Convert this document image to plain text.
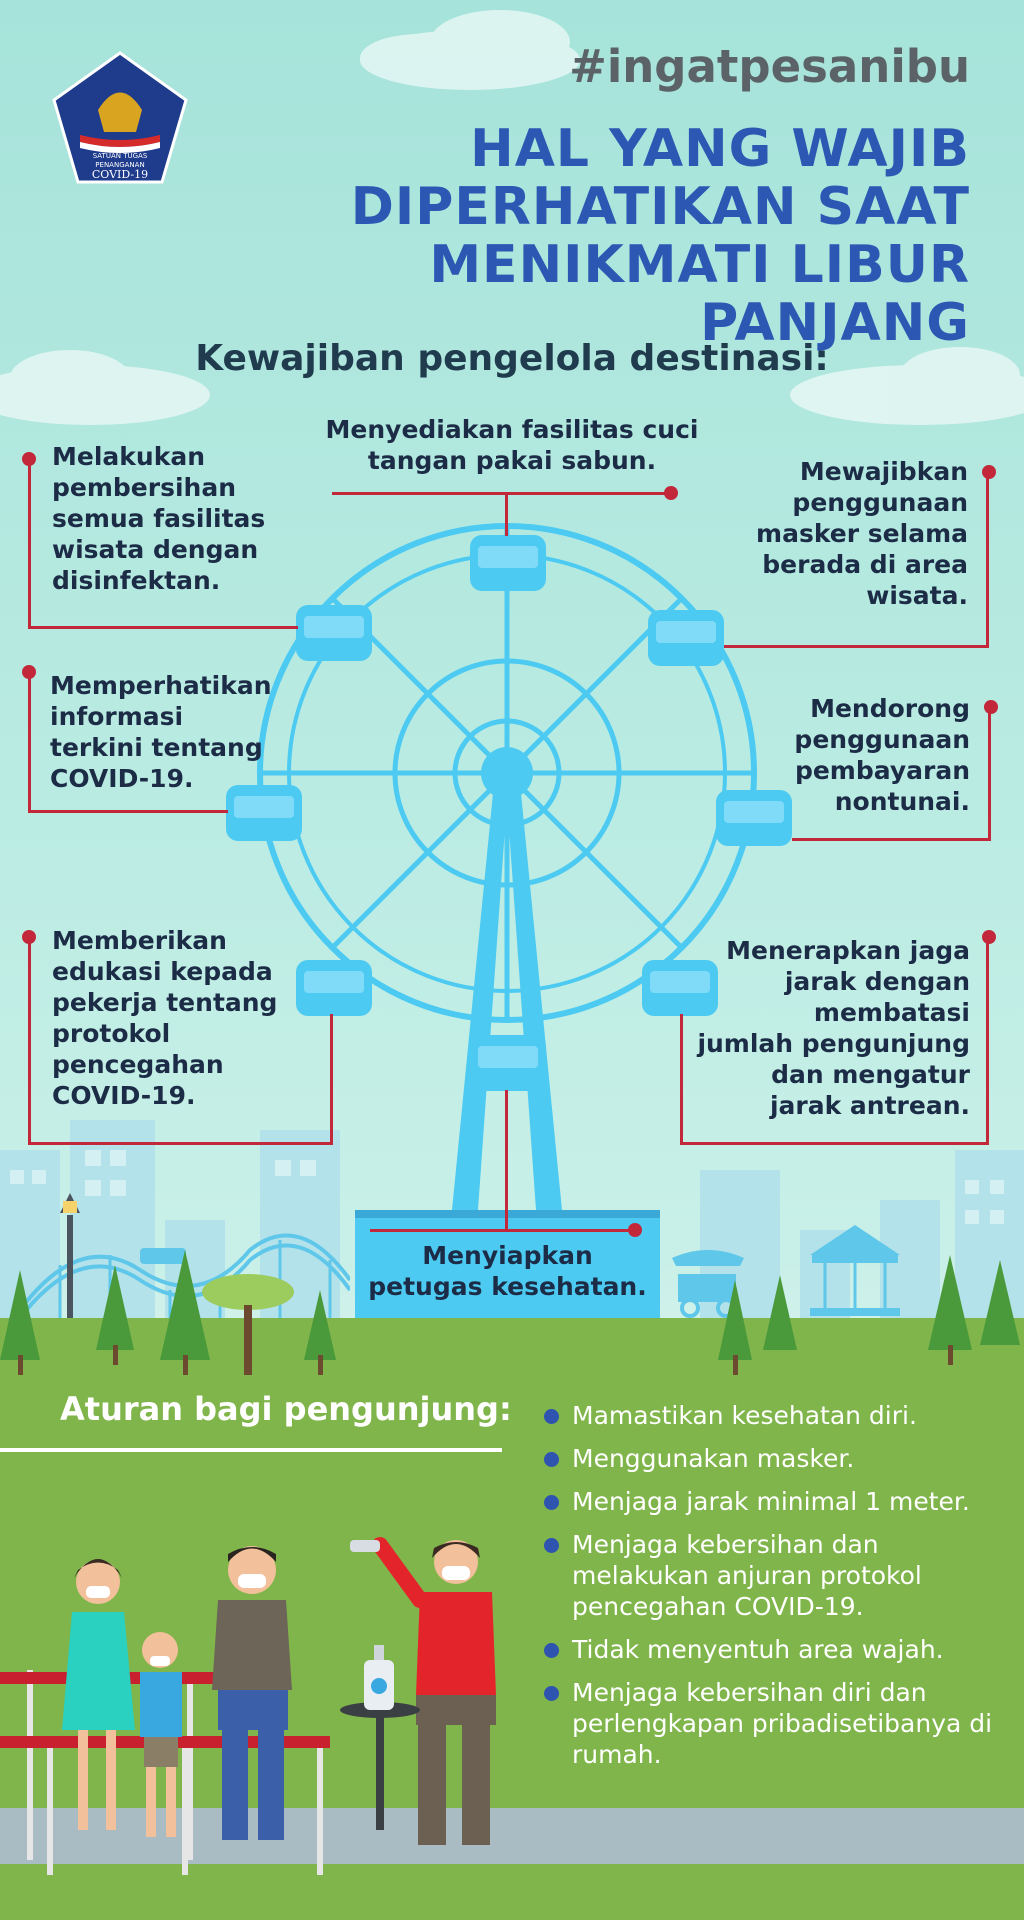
SATUAN TUGAS
PENANGANAN
COVID-19
#ingatpesanibu
HAL YANG WAJIB
DIPERHATIKAN SAAT
MENIKMATI LIBUR PANJANG
Kewajiban pengelola destinasi:
Menyediakan fasilitas cuci tangan pakai sabun.
Melakukan
pembersihan
semua fasilitas
wisata dengan
disinfektan.
Memperhatikan
informasi
terkini tentang
COVID-19.
Memberikan
edukasi kepada
pekerja tentang
protokol
pencegahan
COVID-19.
Mewajibkan
penggunaan
masker selama
berada di area
wisata.
Mendorong
penggunaan
pembayaran
nontunai.
Menerapkan jaga
jarak dengan
membatasi
jumlah pengunjung
dan mengatur
jarak antrean.
Menyiapkan
petugas kesehatan.
Aturan bagi pengunjung:	Mamastikan kesehatan diri.
Menggunakan masker.
Menjaga jarak minimal 1 meter.
Menjaga kebersihan dan melakukan anjuran protokol pencegahan COVID-19.
Tidak menyentuh area wajah.
Menjaga kebersihan diri dan perlengkapan pribadisetibanya di rumah.
